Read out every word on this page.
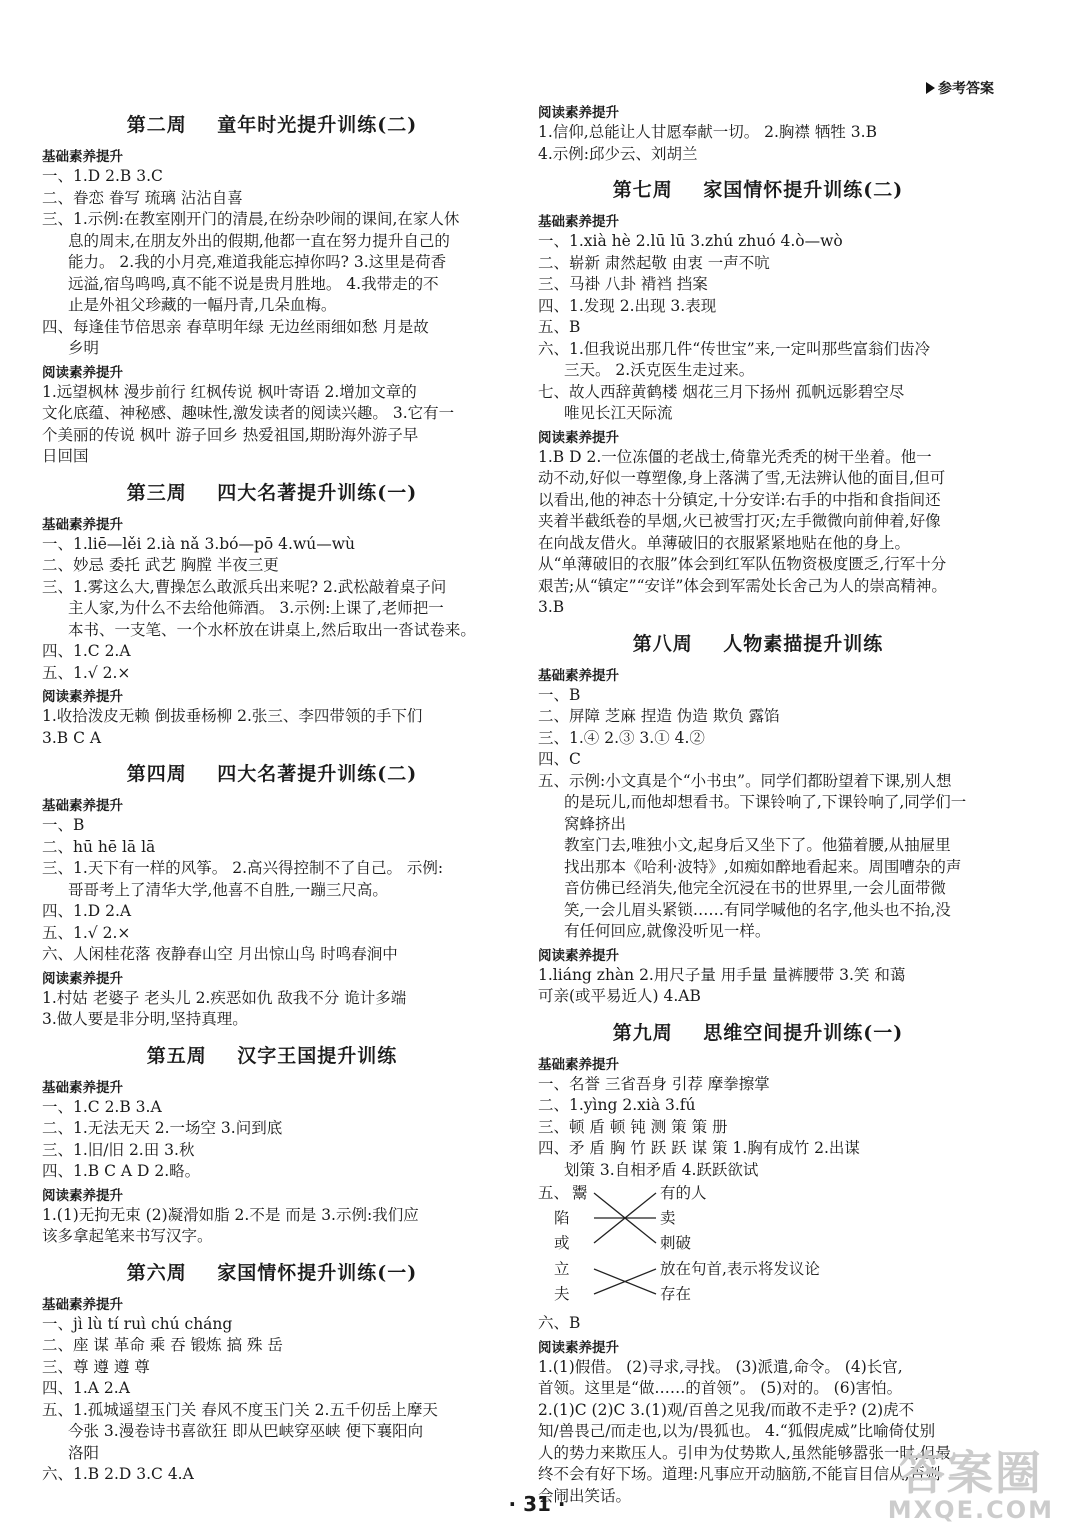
参考答案
第二周    童年时光提升训练(二)
基础素养提升
一、1.D 2.B 3.C
二、眷恋 眷写 琉璃 沾沾自喜
三、1.示例:在教室刚开门的清晨,在纷杂吵闹的课间,在家人休
息的周末,在朋友外出的假期,他都一直在努力提升自己的
能力。 2.我的小月亮,难道我能忘掉你吗? 3.这里是荷香
远溢,宿鸟鸣鸣,真不能不说是贵月胜地。 4.我带走的不
止是外祖父珍藏的一幅丹青,几朵血梅。
四、每逢佳节倍思亲 春草明年绿 无边丝雨细如愁 月是故
乡明
阅读素养提升
1.远望枫林 漫步前行 红枫传说 枫叶寄语 2.增加文章的
文化底蕴、神秘感、趣味性,激发读者的阅读兴趣。 3.它有一
个美丽的传说 枫叶 游子回乡 热爱祖国,期盼海外游子早
日回国
第三周    四大名著提升训练(一)
基础素养提升
一、1.liē—lěi 2.ià nǎ 3.bó—pō 4.wú—wù
二、妙忌 委托 武艺 胸膛 半夜三更
三、1.雾这么大,曹操怎么敢派兵出来呢? 2.武松敲着桌子问
主人家,为什么不去给他筛酒。 3.示例:上课了,老师把一
本书、一支笔、一个水杯放在讲桌上,然后取出一沓试卷来。
四、1.C 2.A
五、1.√ 2.×
阅读素养提升
1.收拾泼皮无赖 倒拔垂杨柳 2.张三、李四带领的手下们
3.B C A
第四周    四大名著提升训练(二)
基础素养提升
一、B
二、hū hē lā lā
三、1.天下有一样的风筝。 2.高兴得控制不了自己。 示例:
哥哥考上了清华大学,他喜不自胜,一蹦三尺高。
四、1.D 2.A
五、1.√ 2.×
六、人闲桂花落 夜静春山空 月出惊山鸟 时鸣春涧中
阅读素养提升
1.村姑 老婆子 老头儿 2.疾恶如仇 敌我不分 诡计多端
3.做人要是非分明,坚持真理。
第五周    汉字王国提升训练
基础素养提升
一、1.C 2.B 3.A
二、1.无法无天 2.一场空 3.问到底
三、1.旧/旧 2.田 3.秋
四、1.B C A D 2.略。
阅读素养提升
1.(1)无拘无束 (2)凝滑如脂 2.不是 而是 3.示例:我们应
该多拿起笔来书写汉字。
第六周    家国情怀提升训练(一)
基础素养提升
一、jì lù tí ruì chú cháng
二、座 谋 革命 乘 吞 锻炼 搞 殊 岳
三、尊 遵 遵 尊
四、1.A 2.A
五、1.孤城遥望玉门关 春风不度玉门关 2.五千仞岳上摩天
今张 3.漫卷诗书喜欲狂 即从巴峡穿巫峡 便下襄阳向
洛阳
六、1.B 2.D 3.C 4.A
阅读素养提升
1.信仰,总能让人甘愿奉献一切。 2.胸襟 牺牲 3.B
4.示例:邱少云、刘胡兰
第七周    家国情怀提升训练(二)
基础素养提升
一、1.xià hè 2.lū lū 3.zhú zhuó 4.ò—wò
二、崭新 肃然起敬 由衷 一声不吭
三、马褂 八卦 褙裆 挡案
四、1.发现 2.出现 3.表现
五、B
六、1.但我说出那几件“传世宝”来,一定叫那些富翁们齿冷
三天。 2.沃克医生走过来。
七、故人西辞黄鹤楼 烟花三月下扬州 孤帆远影碧空尽
唯见长江天际流
阅读素养提升
1.B D 2.一位冻僵的老战士,倚靠光秃秃的树干坐着。他一
动不动,好似一尊塑像,身上落满了雪,无法辨认他的面目,但可
以看出,他的神态十分镇定,十分安详:右手的中指和食指间还
夹着半截纸卷的旱烟,火已被雪打灭;左手微微向前伸着,好像
在向战友借火。单薄破旧的衣服紧紧地贴在他的身上。
从“单薄破旧的衣服”体会到红军队伍物资极度匮乏,行军十分
艰苦;从“镇定”“安详”体会到军需处长舍己为人的崇高精神。
3.B
第八周    人物素描提升训练
基础素养提升
一、B
二、屏障 芝麻 捏造 伪造 欺负 露馅
三、1.④ 2.③ 3.① 4.②
四、C
五、示例:小文真是个“小书虫”。同学们都盼望着下课,别人想
的是玩儿,而他却想看书。下课铃响了,下课铃响了,同学们一窝蜂挤出
教室门去,唯独小文,起身后又坐下了。他猫着腰,从抽屉里
找出那本《哈利·波特》,如痴如醉地看起来。周围嘈杂的声
音仿佛已经消失,他完全沉浸在书的世界里,一会儿面带微
笑,一会儿眉头紧锁……有同学喊他的名字,他头也不抬,没
有任何回应,就像没听见一样。
阅读素养提升
1.liáng zhàn 2.用尺子量 用手量 量裤腰带 3.笑 和蔼
可亲(或平易近人) 4.AB
第九周    思维空间提升训练(一)
基础素养提升
一、名誉 三省吾身 引荐 摩拳擦掌
二、1.yìng 2.xià 3.fú
三、顿 盾 顿 钝 测 策 策 册
四、矛 盾 胸 竹 跃 跃 谋 策 1.胸有成竹 2.出谋
划策 3.自相矛盾 4.跃跃欲试
五、 鬻
陷
或
立
夫
有的人
卖
刺破
放在句首,表示将发议论
存在
六、B
阅读素养提升
1.(1)假借。 (2)寻求,寻找。 (3)派遣,命令。 (4)长官,
首领。这里是“做……的首领”。 (5)对的。 (6)害怕。
2.(1)C (2)C 3.(1)观/百兽之见我/而敢不走乎? (2)虎不
知/兽畏己/而走也,以为/畏狐也。 4.“狐假虎威”比喻倚仗别
人的势力来欺压人。引申为仗势欺人,虽然能够嚣张一时,但最
终不会有好下场。道理:凡事应开动脑筋,不能盲目信从,否则
会闹出笑话。
· 31 ·
答案圈
MXQE.COM
